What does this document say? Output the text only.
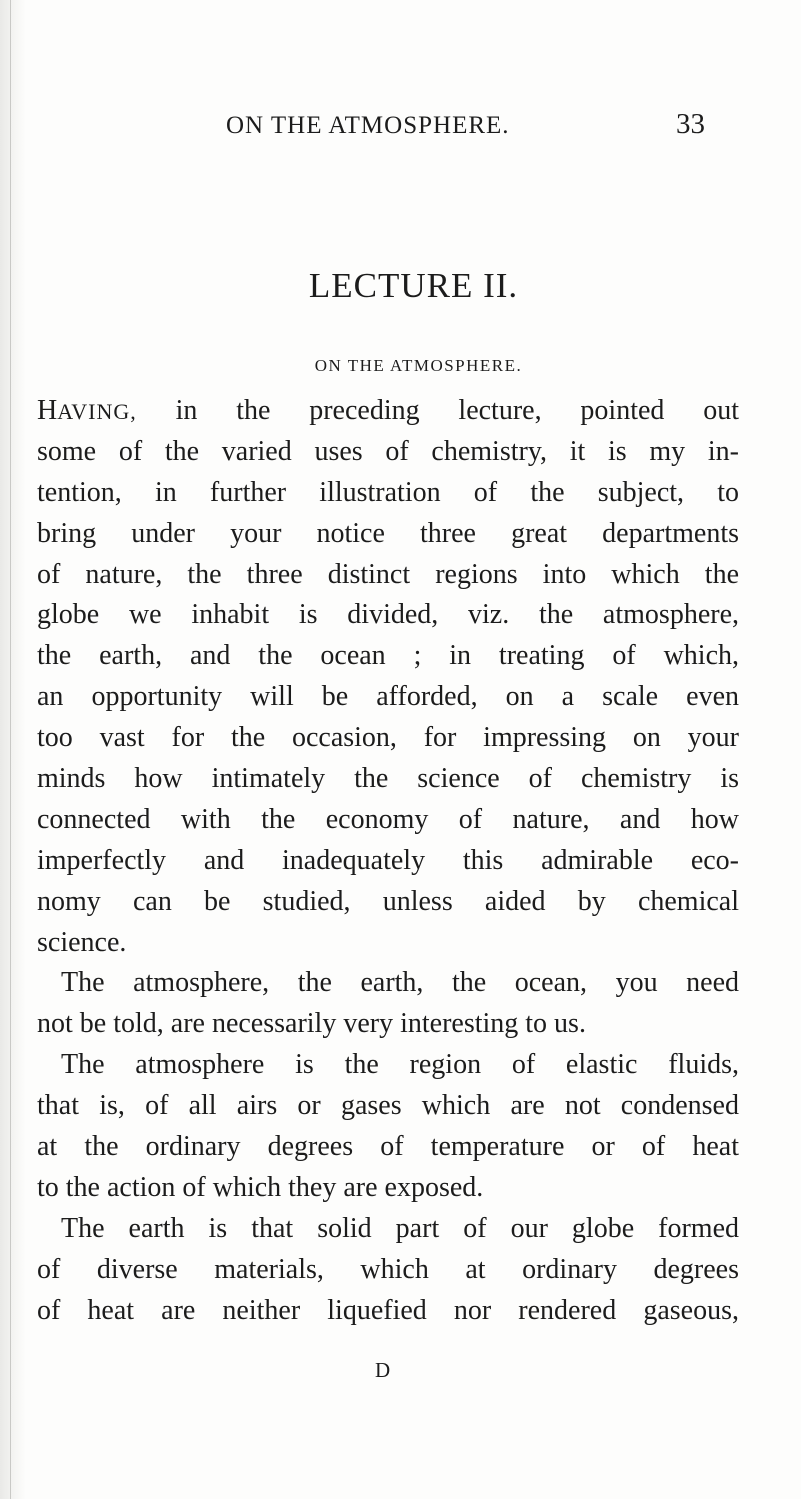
ON THE ATMOSPHERE.	33
LECTURE II.
ON THE ATMOSPHERE.
HAVING, in the preceding lecture, pointed out
some of the varied uses of chemistry, it is my in-
tention, in further illustration of the subject, to
bring under your notice three great departments
of nature, the three distinct regions into which the
globe we inhabit is divided, viz. the atmosphere,
the earth, and the ocean ; in treating of which,
an opportunity will be afforded, on a scale even
too vast for the occasion, for impressing on your
minds how intimately the science of chemistry is
connected with the economy of nature, and how
imperfectly and inadequately this admirable eco-
nomy can be studied, unless aided by chemical
science.
The atmosphere, the earth, the ocean, you need
not be told, are necessarily very interesting to us.
The atmosphere is the region of elastic fluids,
that is, of all airs or gases which are not condensed
at the ordinary degrees of temperature or of heat
to the action of which they are exposed.
The earth is that solid part of our globe formed
of diverse materials, which at ordinary degrees
of heat are neither liquefied nor rendered gaseous,
D
